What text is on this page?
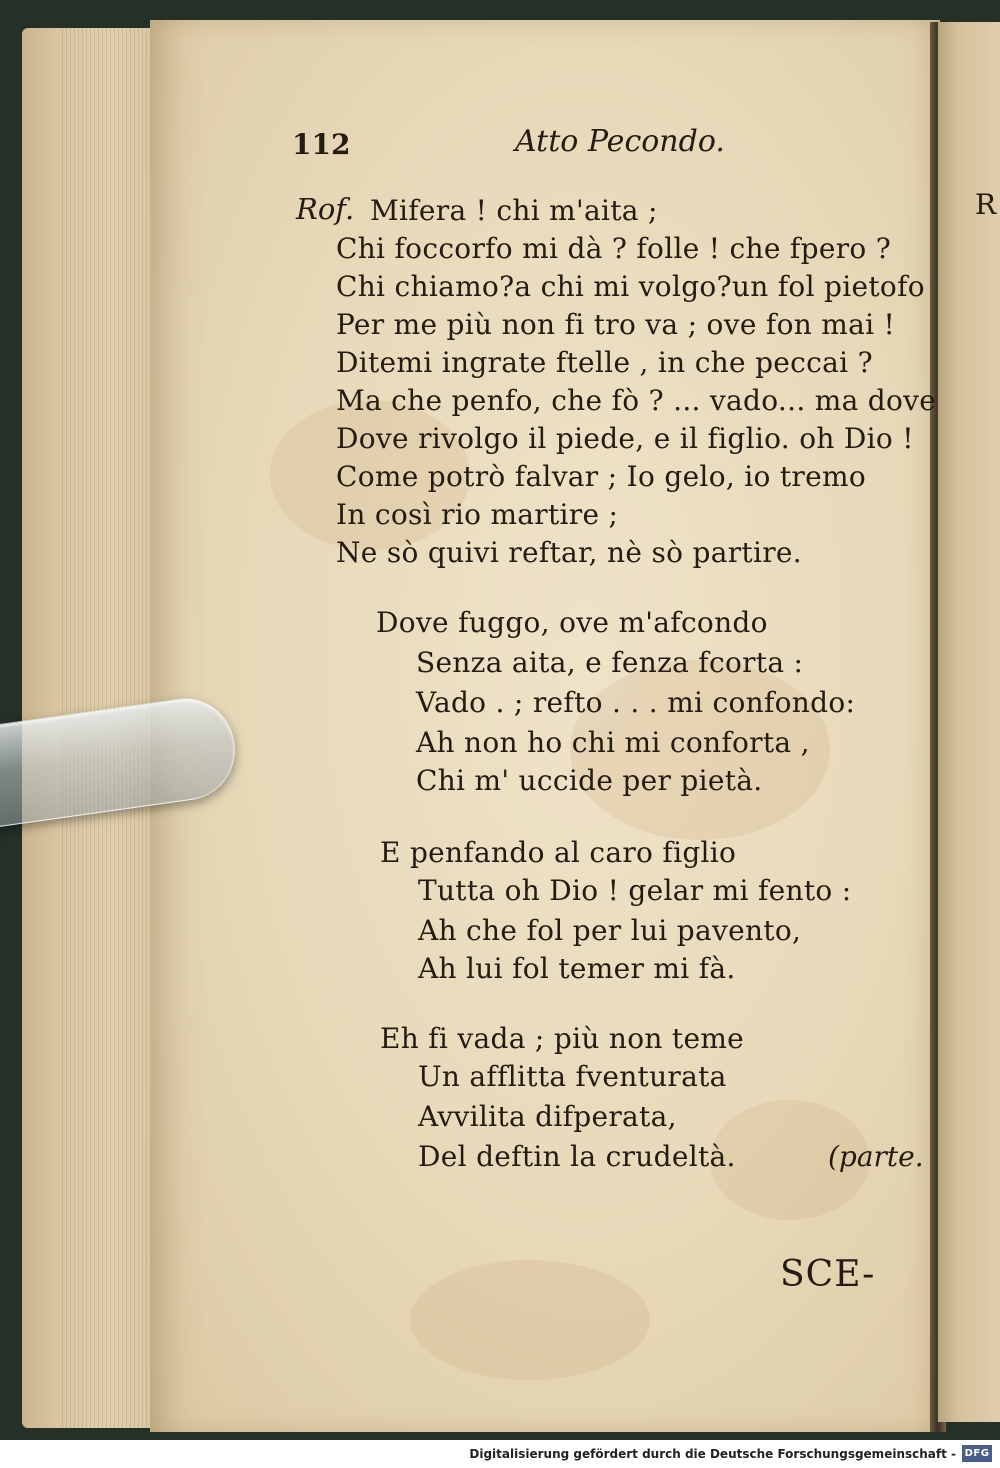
R
112	Atto Pecondo.
Rof. Mifera ! chi m'aita ;
Chi foccorfo mi dà ? folle ! che fpero ?
Chi chiamo?a chi mi volgo?un fol pietofo
Per me più non fi tro va ; ove fon mai !
Ditemi ingrate ftelle , in che peccai ?
Ma che penfo, che fò ? ... vado... ma dove
Dove rivolgo il piede, e il figlio. oh Dio !
Come potrò falvar ; Io gelo, io tremo
In così rio martire ;
Ne sò quivi reftar, nè sò partire.
Dove fuggo, ove m'afcondo
Senza aita, e fenza fcorta :
Vado . ; refto . . . mi confondo:
Ah non ho chi mi conforta ,
Chi m' uccide per pietà.
E penfando al caro figlio
Tutta oh Dio ! gelar mi fento :
Ah che fol per lui pavento,
Ah lui fol temer mi fà.
Eh fi vada ; più non teme
Un afflitta fventurata
Avvilita difperata,
Del deftin la crudeltà.	(parte.
SCE-
Digitalisierung gefördert durch die Deutsche Forschungsgemeinschaft - DFG
